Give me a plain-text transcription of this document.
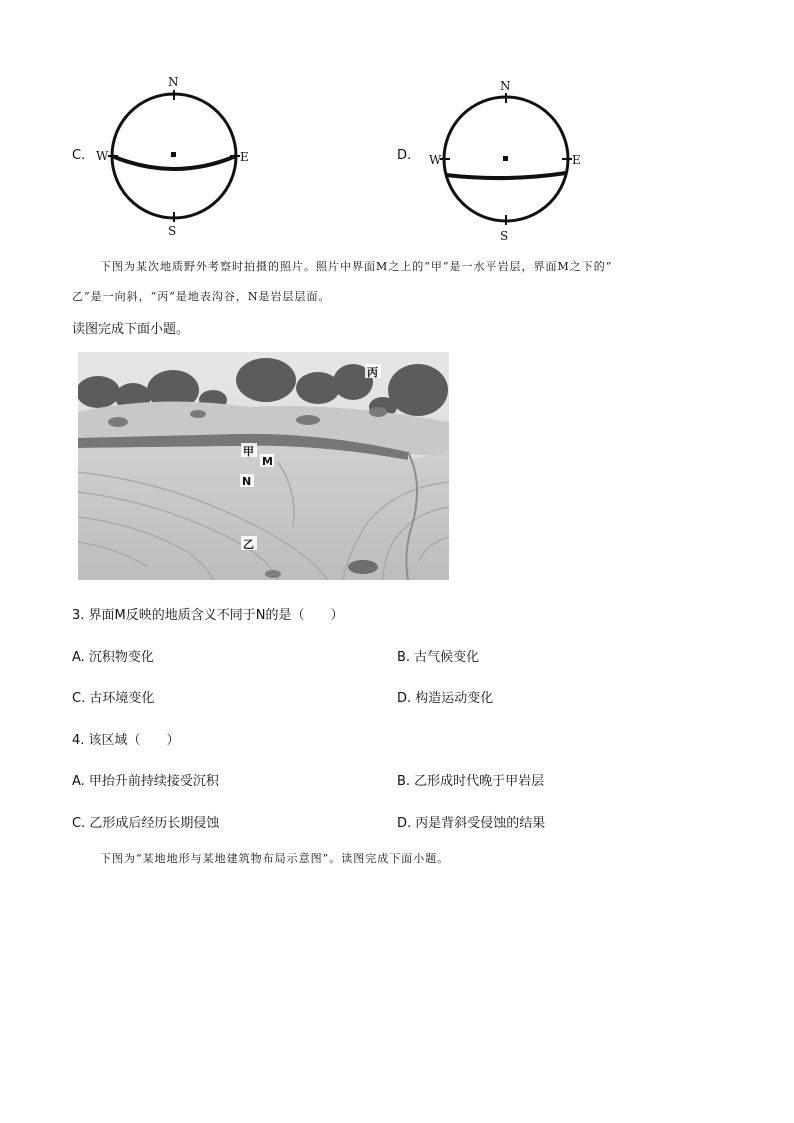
C.
N
S
W	E	D.
N
S
W	E
下图为某次地质野外考察时拍摄的照片。照片中界面M之上的“甲”是一水平岩层，界面M之下的“
乙”是一向斜，“丙”是地表沟谷，N是岩层层面。
读图完成下面小题。
丙
甲
M
N
乙
3. 界面M反映的地质含义不同于N的是（　　）
A. 沉积物变化	B. 古气候变化
C. 古环境变化	D. 构造运动变化
4. 该区域（　　）
A. 甲抬升前持续接受沉积	B. 乙形成时代晚于甲岩层
C. 乙形成后经历长期侵蚀	D. 丙是背斜受侵蚀的结果
下图为“某地地形与某地建筑物布局示意图”。读图完成下面小题。
